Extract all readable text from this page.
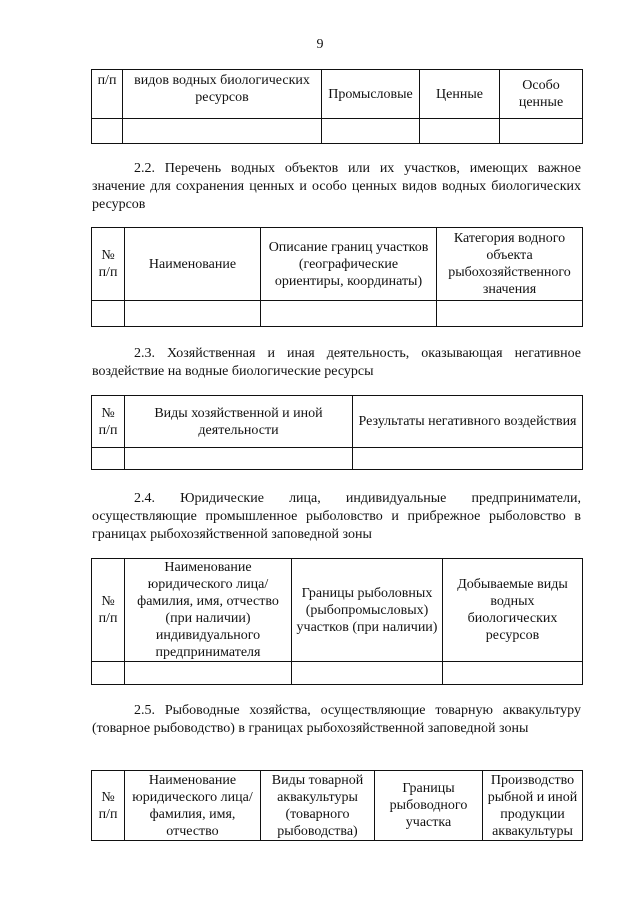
9
п/п	видов водных биологических ресурсов	Промысловые	Ценные	Особо ценные

2.2. Перечень водных объектов или их участков, имеющих важное значение для сохранения ценных и особо ценных видов водных биологических ресурсов

№ п/п	Наименование	Описание границ участков (географические ориентиры, координаты)	Категория водного объекта рыбохозяйственного значения

2.3. Хозяйственная и иная деятельность, оказывающая негативное воздействие на водные биологические ресурсы

№ п/п	Виды хозяйственной и иной деятельности	Результаты негативного воздействия

2.4. Юридические лица, индивидуальные предприниматели, осуществляющие промышленное рыболовство и прибрежное рыболовство в границах рыбохозяйственной заповедной зоны

№ п/п	Наименование юридического лица/ фамилия, имя, отчество (при наличии) индивидуального предпринимателя	Границы рыболовных (рыбопромысловых) участков (при наличии)	Добываемые виды водных биологических ресурсов

2.5. Рыбоводные хозяйства, осуществляющие товарную аквакультуру (товарное рыбоводство) в границах рыбохозяйственной заповедной зоны

№ п/п	Наименование юридического лица/ фамилия, имя, отчество	Виды товарной аквакультуры (товарного рыбоводства)	Границы рыбоводного участка	Производство рыбной и иной продукции аквакультуры
